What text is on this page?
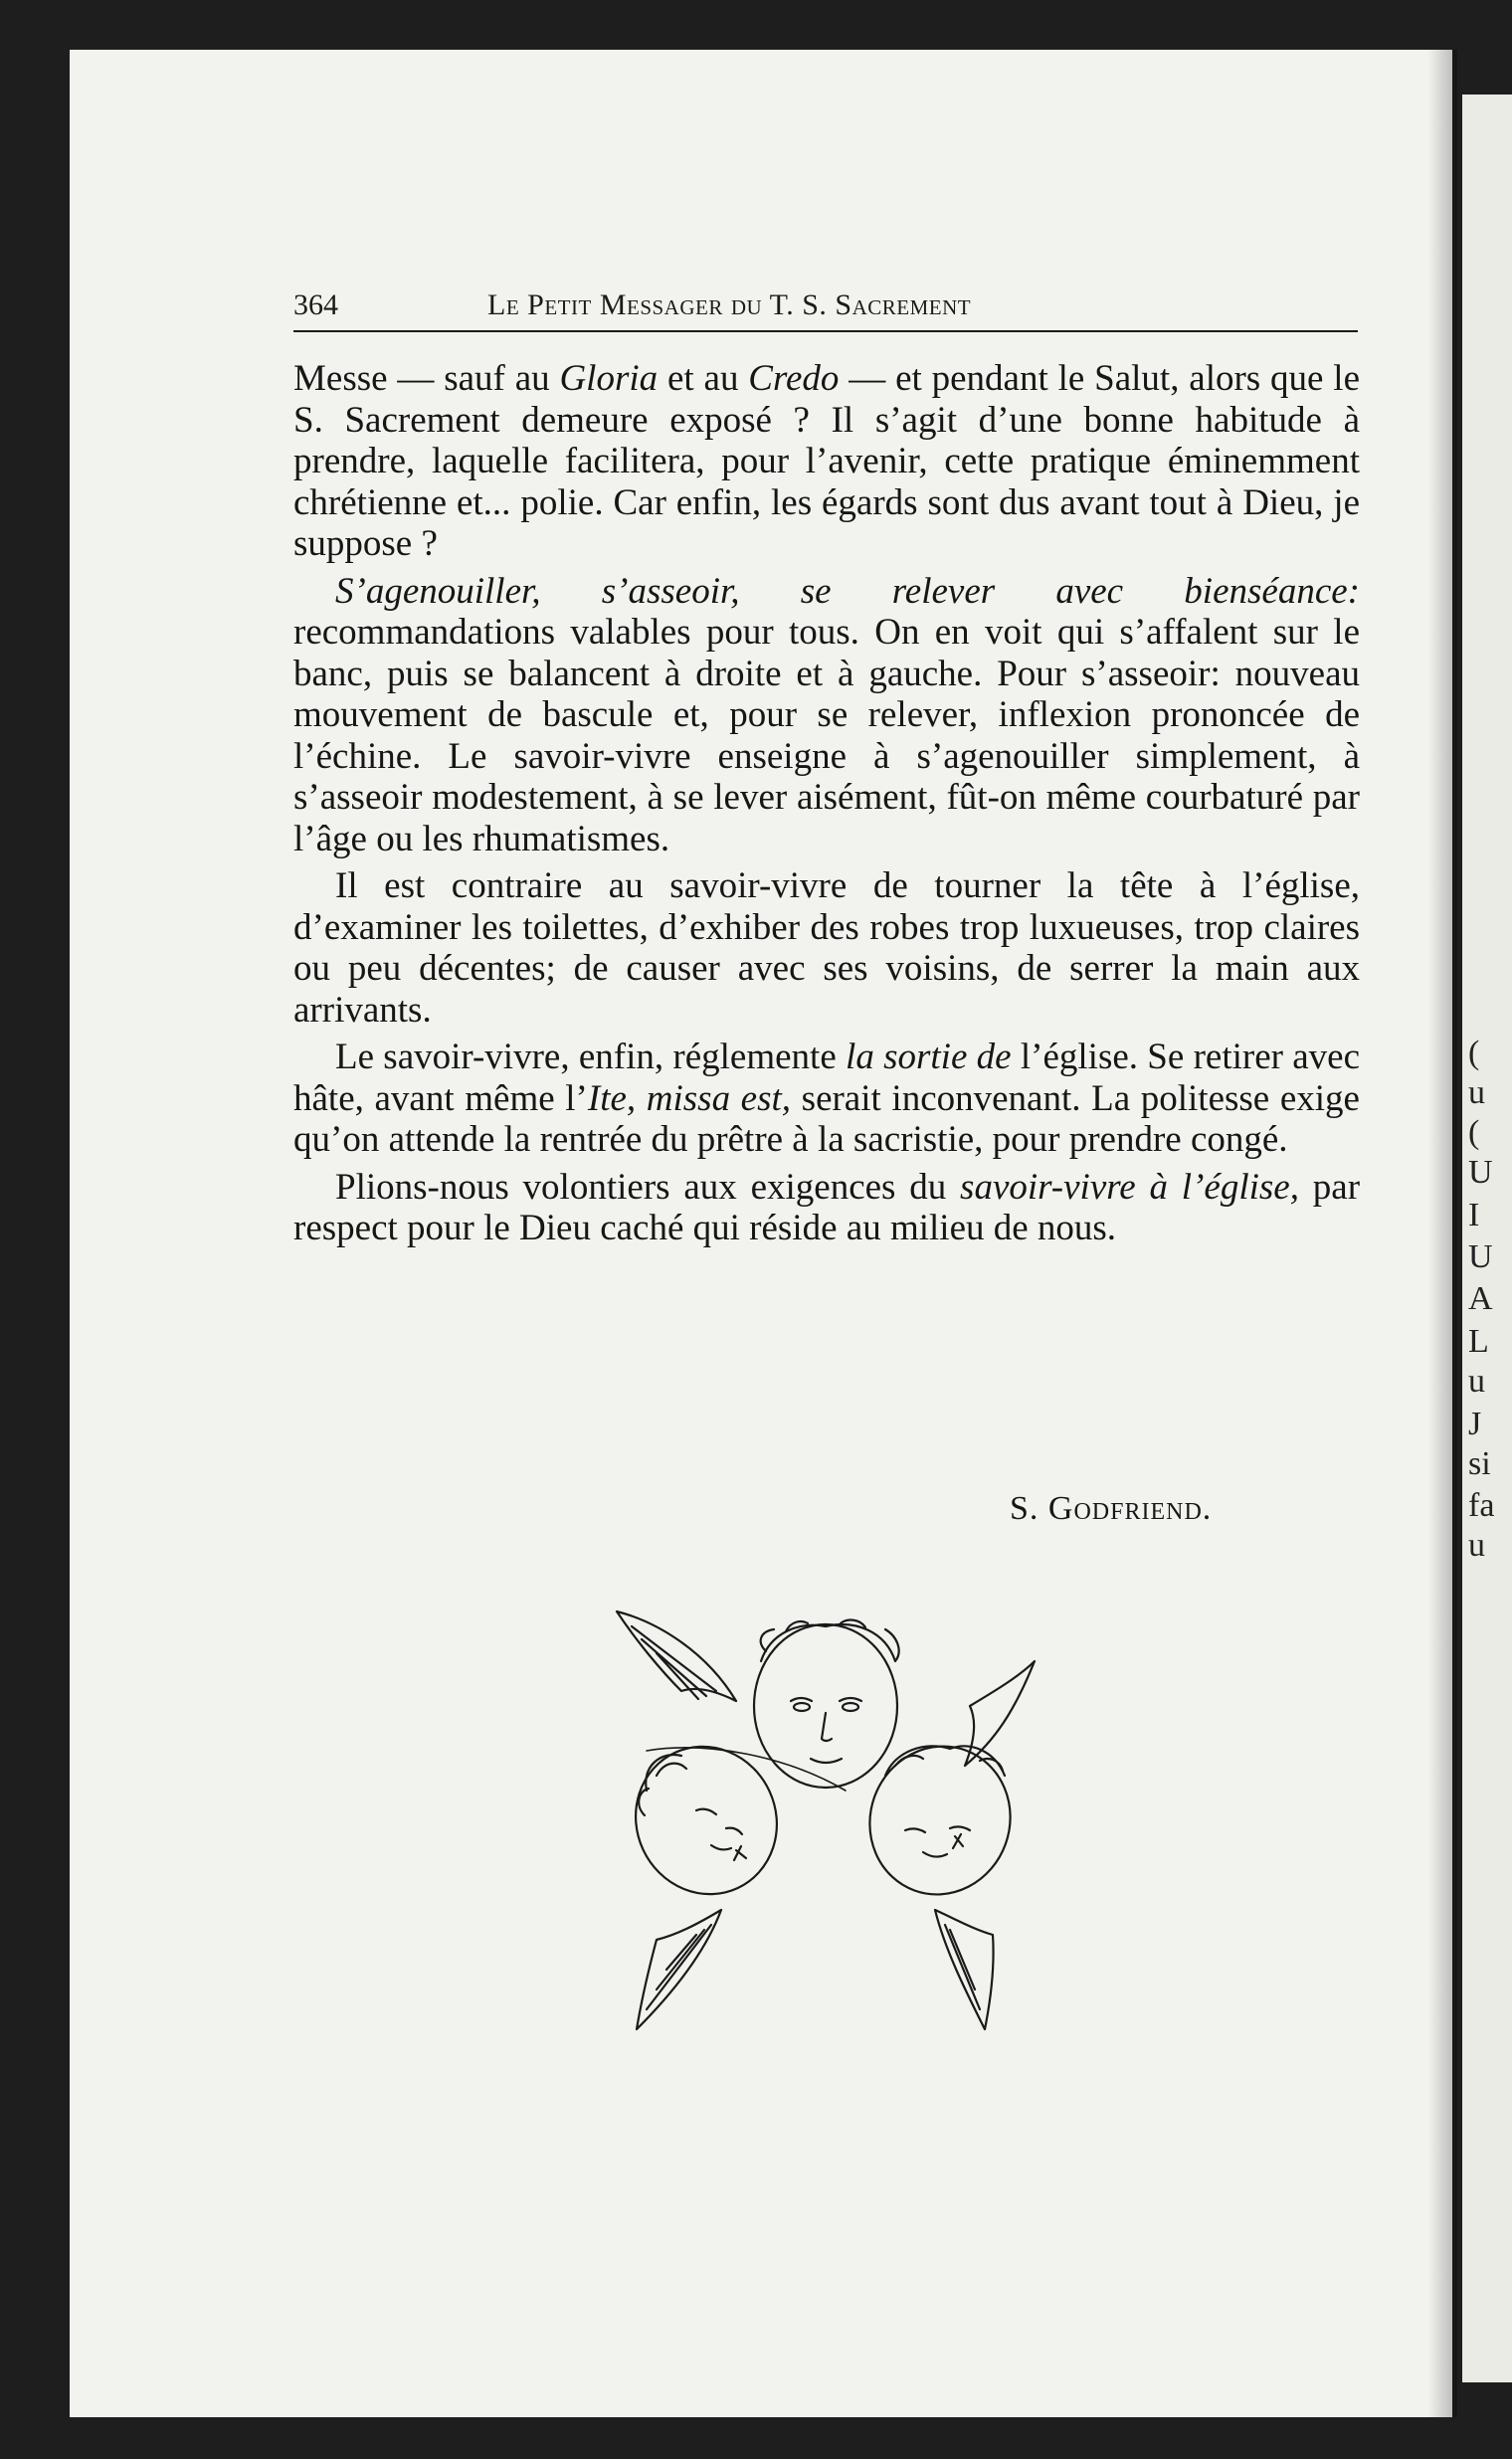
(
u
(
U
I
U
A
L
u
J
si
fa
u
364	Le Petit Messager du T. S. Sacrement

Messe — sauf au Gloria et au Credo — et pendant le Salut, alors que le S. Sacrement demeure exposé ? Il s’agit d’une bonne habitude à prendre, laquelle facilitera, pour l’avenir, cette pratique éminemment chrétienne et... polie. Car enfin, les égards sont dus avant tout à Dieu, je suppose ?

S’agenouiller, s’asseoir, se relever avec bienséance: recommandations valables pour tous. On en voit qui s’affalent sur le banc, puis se balancent à droite et à gauche. Pour s’asseoir: nouveau mouvement de bascule et, pour se relever, inflexion prononcée de l’échine. Le savoir-vivre enseigne à s’agenouiller simplement, à s’asseoir modestement, à se lever aisément, fût-on même courbaturé par l’âge ou les rhumatismes.

Il est contraire au savoir-vivre de tourner la tête à l’église, d’examiner les toilettes, d’exhiber des robes trop luxueuses, trop claires ou peu décentes; de causer avec ses voisins, de serrer la main aux arrivants.

Le savoir-vivre, enfin, réglemente la sortie de l’église. Se retirer avec hâte, avant même l’Ite, missa est, serait inconvenant. La politesse exige qu’on attende la rentrée du prêtre à la sacristie, pour prendre congé.

Plions-nous volontiers aux exigences du savoir-vivre à l’église, par respect pour le Dieu caché qui réside au milieu de nous.

S. Godfriend.
